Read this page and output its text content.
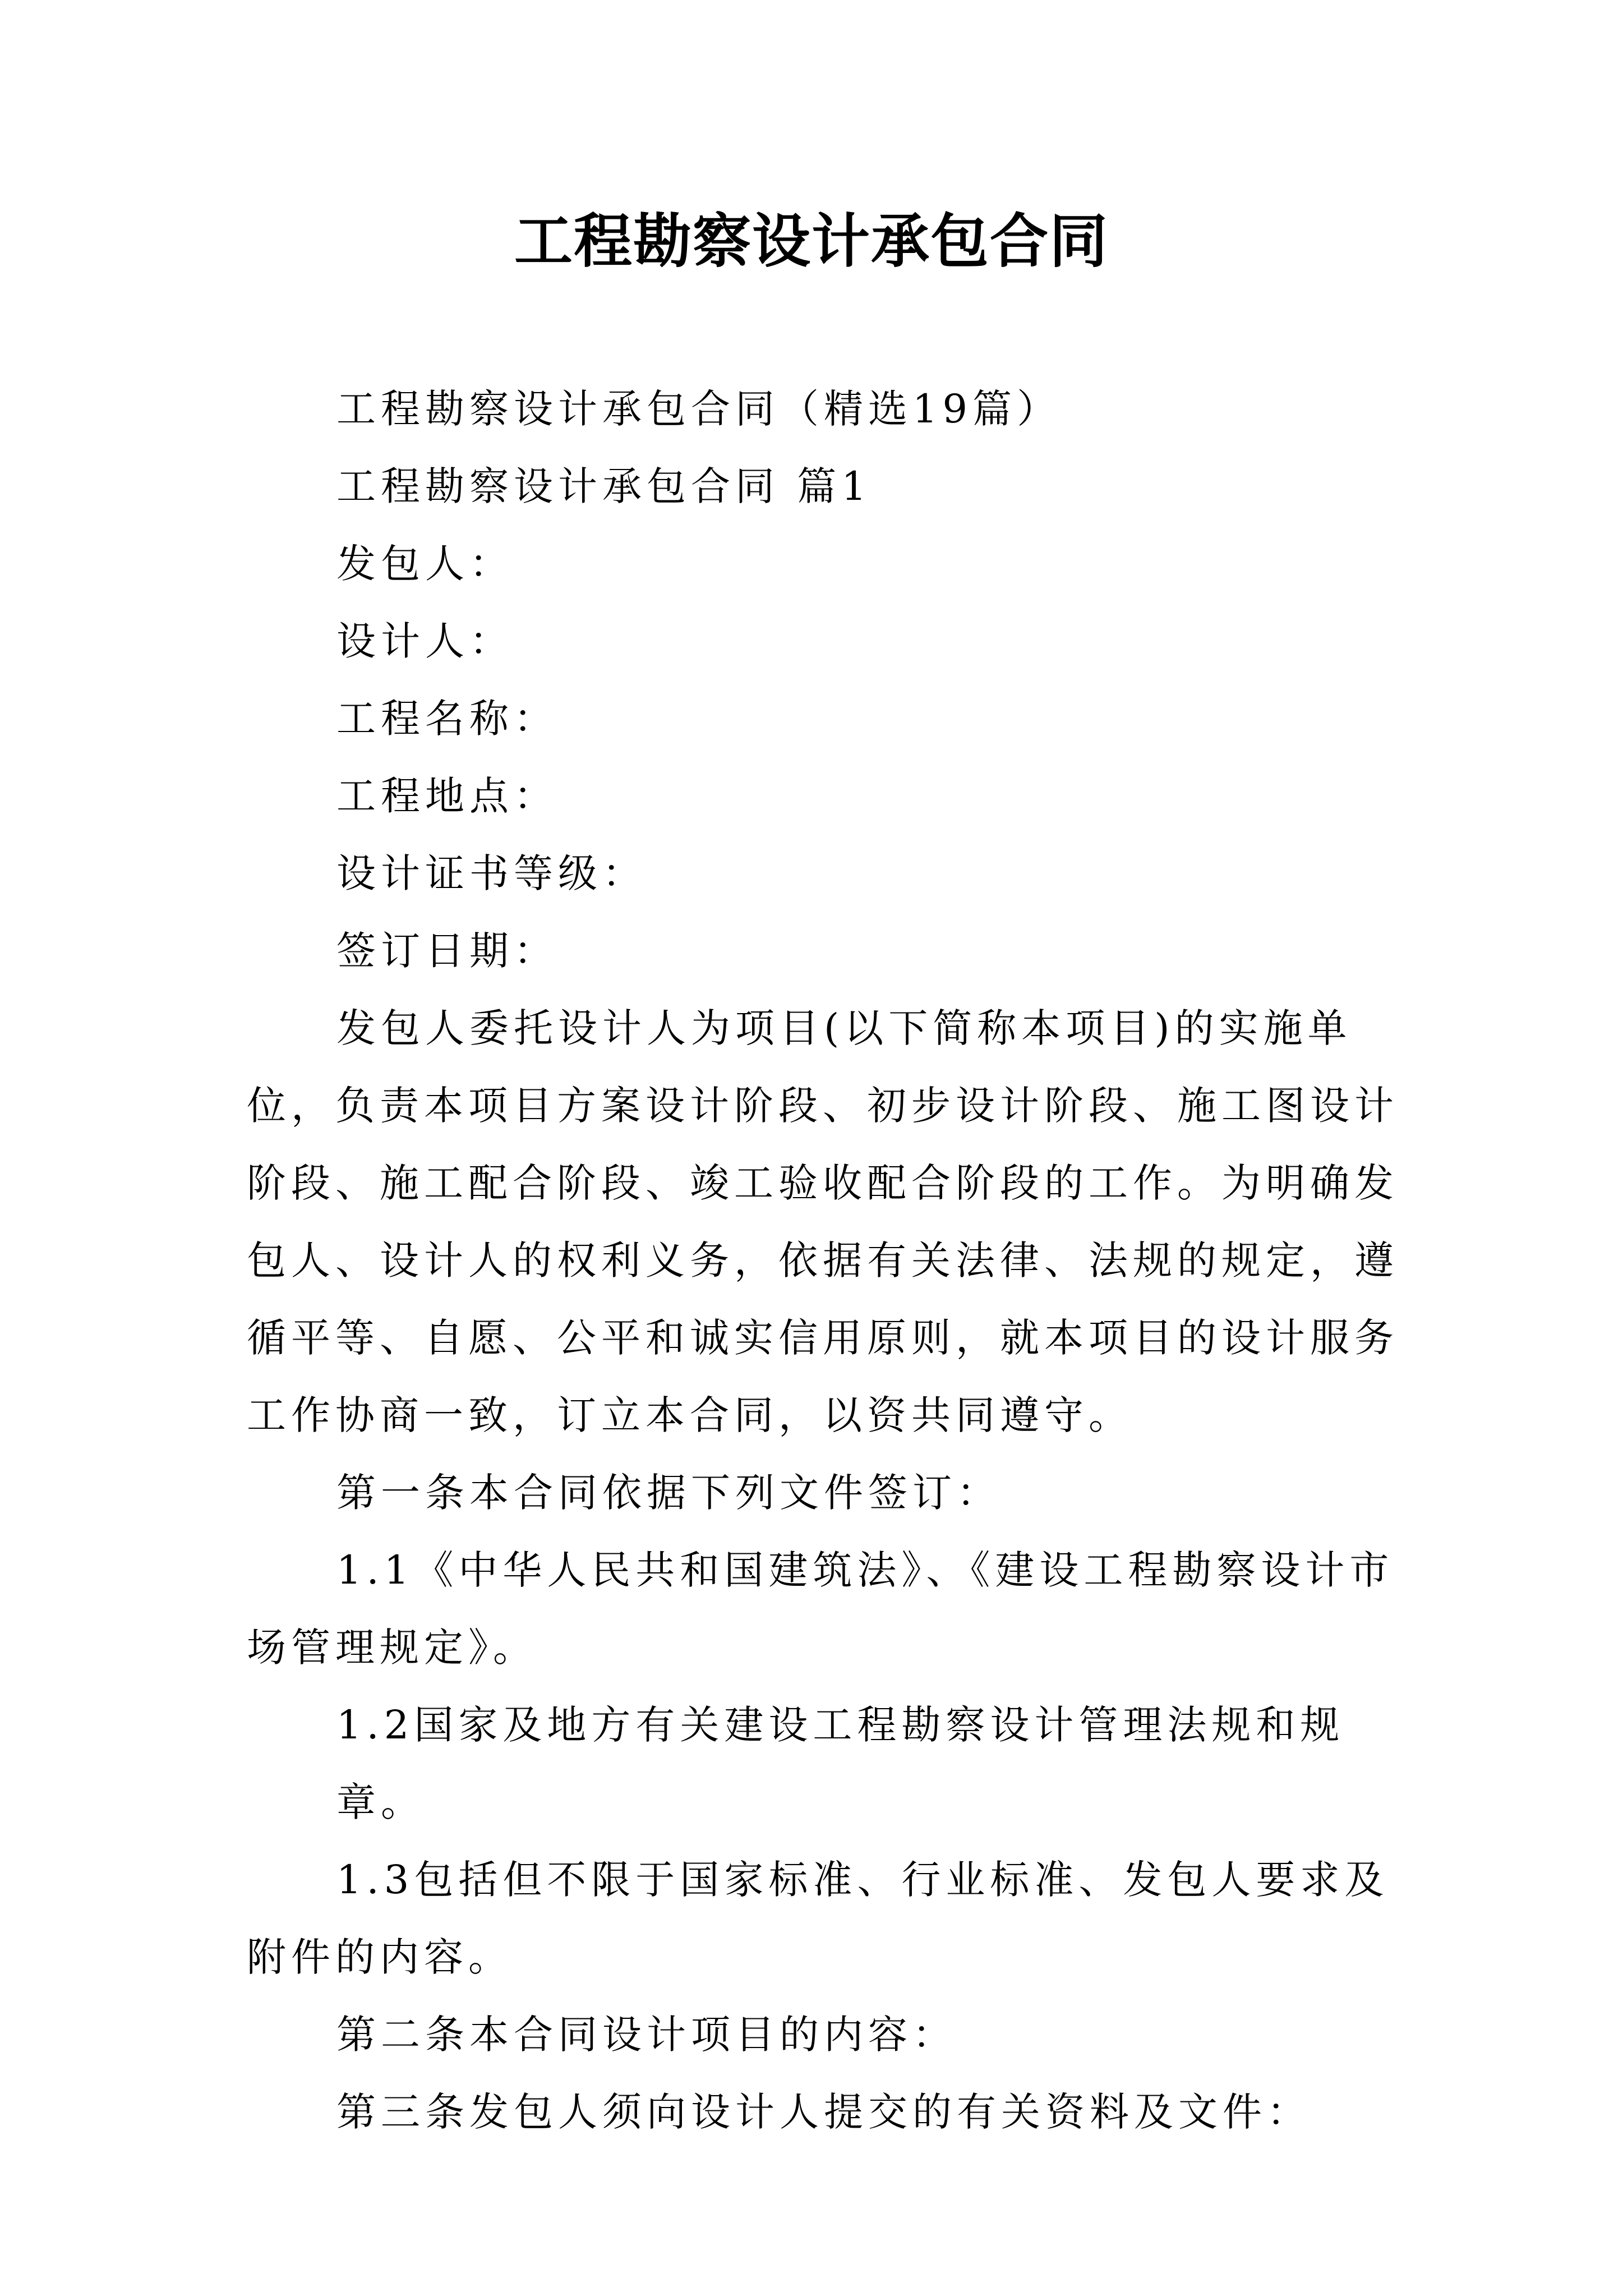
工程勘察设计承包合同

工程勘察设计承包合同（精选19篇）

工程勘察设计承包合同 篇1

发包人：

设计人：

工程名称：

工程地点：

设计证书等级：

签订日期：

发包人委托设计人为项目(以下简称本项目)的实施单位，负责本项目方案设计阶段、初步设计阶段、施工图设计阶段、施工配合阶段、竣工验收配合阶段的工作。为明确发包人、设计人的权利义务，依据有关法律、法规的规定，遵循平等、自愿、公平和诚实信用原则，就本项目的设计服务工作协商一致，订立本合同，以资共同遵守。

第一条本合同依据下列文件签订：

1.1《中华人民共和国建筑法》、《建设工程勘察设计市场管理规定》。

1.2国家及地方有关建设工程勘察设计管理法规和规章。

1.3包括但不限于国家标准、行业标准、发包人要求及附件的内容。

第二条本合同设计项目的内容：

第三条发包人须向设计人提交的有关资料及文件：
